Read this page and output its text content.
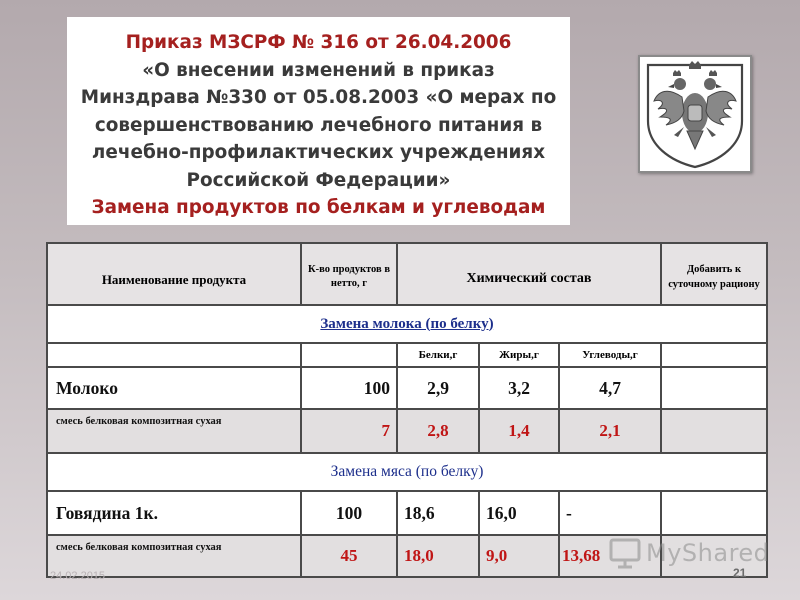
Приказ МЗСРФ № 316 от 26.04.2006
«О внесении изменений в приказ
Минздрава №330 от 05.08.2003 «О мерах по
совершенствованию лечебного питания в
лечебно-профилактических учреждениях
Российской Федерации»
Замена продуктов по белкам и углеводам
Наименование продукта	К-во продуктов в нетто, г	Химический состав			Добавить к суточному рациону
Замена молока (по белку)					
		Белки,г	Жиры,г	Углеводы,г	
Молоко	100	2,9	3,2	4,7	
смесь белковая композитная сухая	7	2,8	1,4	2,1	
Замена мяса (по белку)					
Говядина 1к.	100	18,6	16,0	-	
смесь белковая композитная сухая	45	18,0	9,0	13,68	MyShared
24.02.2015	21
